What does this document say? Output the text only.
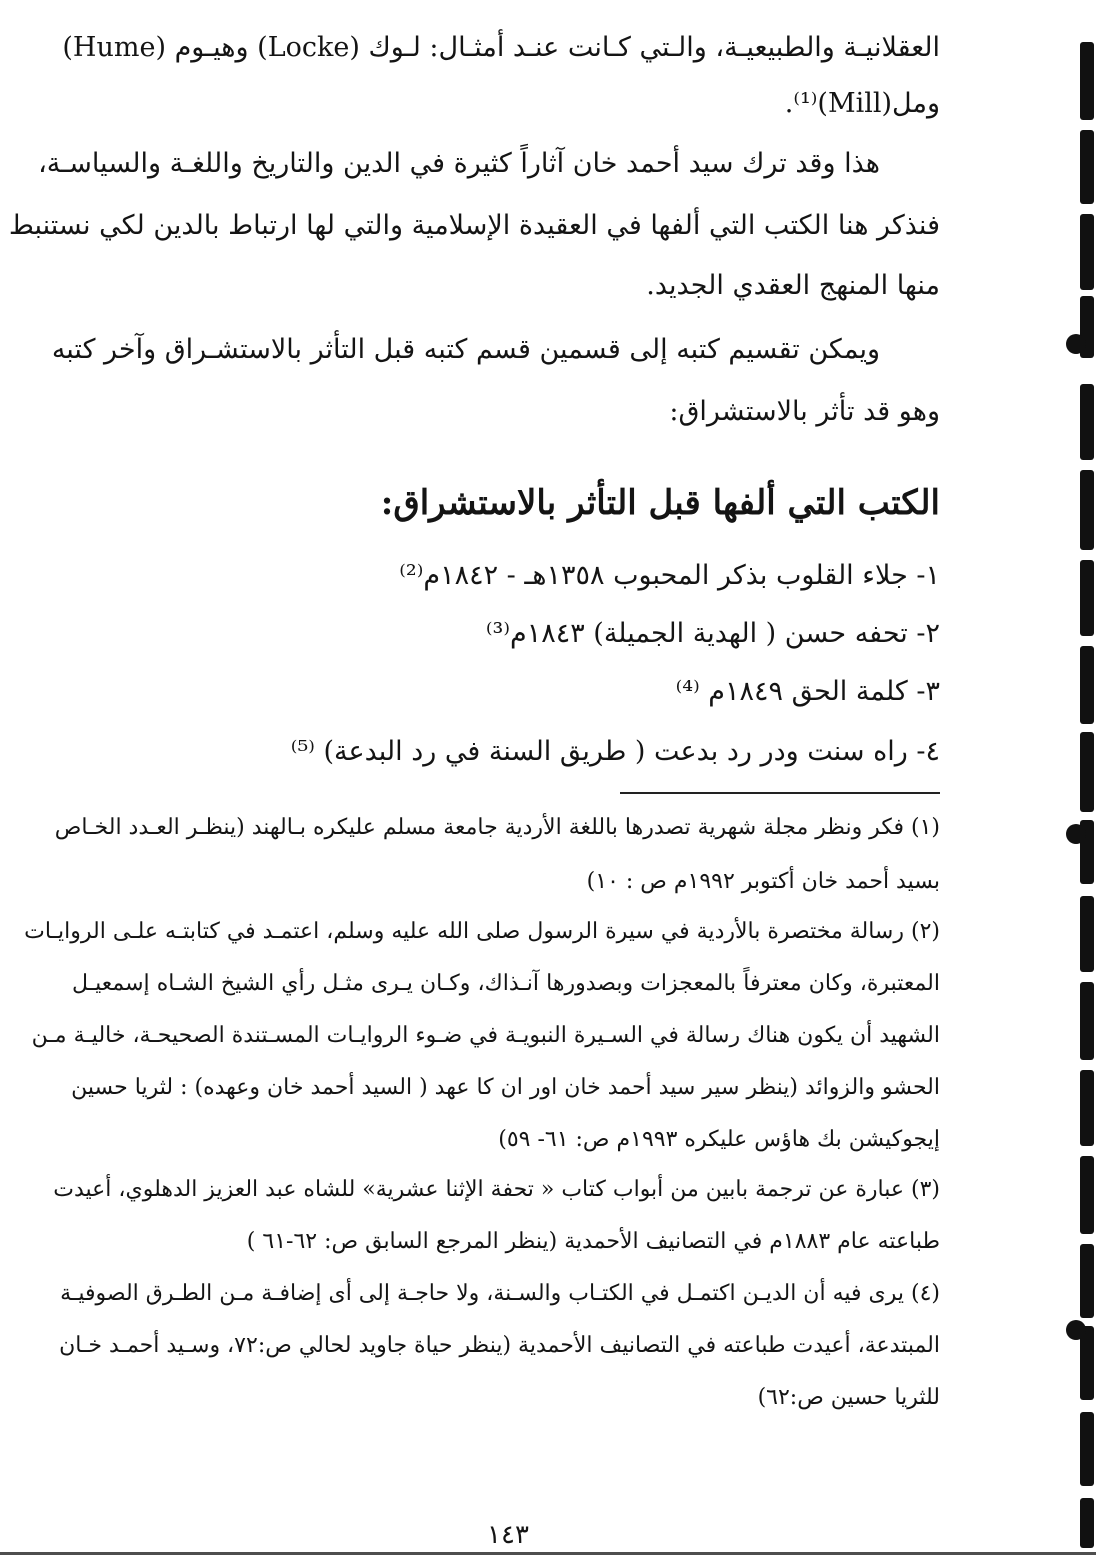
العقلانيـة والطبيعيـة، والـتي كـانت عنـد أمثـال: لـوك (Locke) وهيـوم (Hume)
ومل(Mill)⁽¹⁾.
هذا وقد ترك سيد أحمد خان آثاراً كثيرة في الدين والتاريخ واللغـة والسياسـة،
فنذكر هنا الكتب التي ألفها في العقيدة الإسلامية والتي لها ارتباط بالدين لكي نستنبط
منها المنهج العقدي الجديد.
ويمكن تقسيم كتبه إلى قسمين قسم كتبه قبل التأثر بالاستشـراق وآخر كتبه
وهو قد تأثر بالاستشراق:
الكتب التي ألفها قبل التأثر بالاستشراق:
١- جلاء القلوب بذكر المحبوب ١٣٥٨هـ - ١٨٤٢م⁽²⁾
٢- تحفه حسن ( الهدية الجميلة) ١٨٤٣م⁽³⁾
٣- كلمة الحق ١٨٤٩م ⁽⁴⁾
٤- راه سنت ودر رد بدعت ( طريق السنة في رد البدعة) ⁽⁵⁾
(١) فكر ونظر مجلة شهرية تصدرها باللغة الأردية جامعة مسلم عليكره بـالهند (ينظـر العـدد الخـاص
بسيد أحمد خان أكتوبر ١٩٩٢م ص : ١٠)
(٢) رسالة مختصرة بالأردية في سيرة الرسول صلى الله عليه وسلم، اعتمـد في كتابتـه علـى الروايـات
المعتبرة، وكان معترفاً بالمعجزات وبصدورها آنـذاك، وكـان يـرى مثـل رأي الشيخ الشـاه إسمعيـل
الشهيد أن يكون هناك رسالة في السـيرة النبويـة في ضـوء الروايـات المسـتندة الصحيحـة، خاليـة مـن
الحشو والزوائد (ينظر سير سيد أحمد خان اور ان كا عهد ( السيد أحمد خان وعهده) : لثريا حسين
إيجوكيشن بك هاؤس عليكره ١٩٩٣م ص: ٦١- ٥٩)
(٣) عبارة عن ترجمة بابين من أبواب كتاب « تحفة الإثنا عشرية» للشاه عبد العزيز الدهلوي، أعيدت
طباعته عام ١٨٨٣م في التصانيف الأحمدية (ينظر المرجع السابق ص: ٦٢-٦١ )
(٤) يرى فيه أن الديـن اكتمـل في الكتـاب والسـنة، ولا حاجـة إلى أى إضافـة مـن الطـرق الصوفيـة
المبتدعة، أعيدت طباعته في التصانيف الأحمدية (ينظر حياة جاويد لحالي ص:٧٢، وسـيد أحمـد خـان
للثريا حسين ص:٦٢)
١٤٣
